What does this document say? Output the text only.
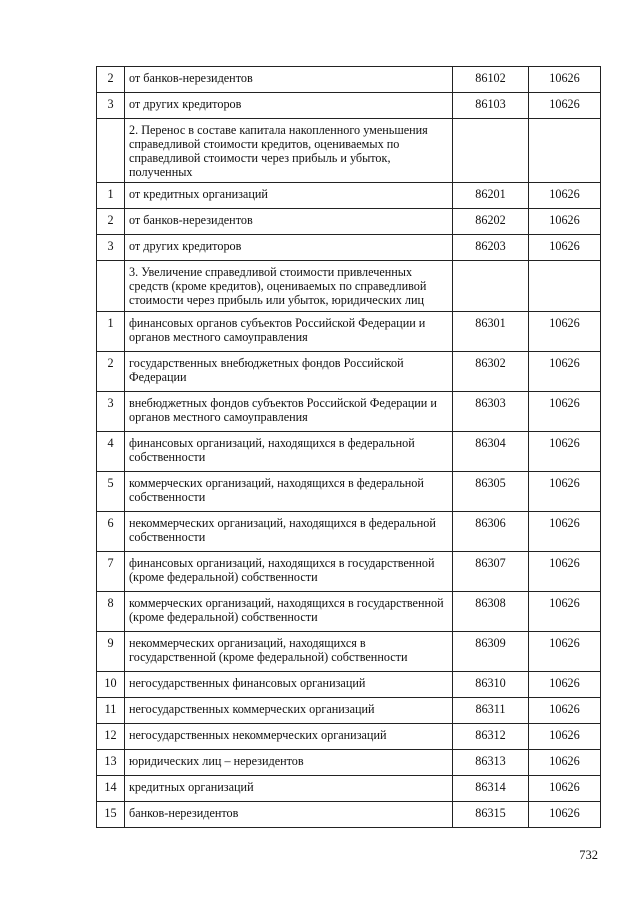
2	от банков-нерезидентов	86102	10626
3	от других кредиторов	86103	10626
	2. Перенос в составе капитала накопленного уменьшения справедливой стоимости кредитов, оцениваемых по справедливой стоимости через прибыль и убыток, полученных		
1	от кредитных организаций	86201	10626
2	от банков-нерезидентов	86202	10626
3	от других кредиторов	86203	10626
	3. Увеличение справедливой стоимости привлеченных средств (кроме кредитов), оцениваемых по справедливой стоимости через прибыль или убыток, юридических лиц		
1	финансовых органов субъектов Российской Федерации и органов местного самоуправления	86301	10626
2	государственных внебюджетных фондов Российской Федерации	86302	10626
3	внебюджетных фондов субъектов Российской Федерации и органов местного самоуправления	86303	10626
4	финансовых организаций, находящихся в федеральной собственности	86304	10626
5	коммерческих организаций, находящихся в федеральной собственности	86305	10626
6	некоммерческих организаций, находящихся в федеральной собственности	86306	10626
7	финансовых организаций, находящихся в государственной (кроме федеральной) собственности	86307	10626
8	коммерческих организаций, находящихся в государственной (кроме федеральной) собственности	86308	10626
9	некоммерческих организаций, находящихся в государственной (кроме федеральной) собственности	86309	10626
10	негосударственных финансовых организаций	86310	10626
11	негосударственных коммерческих организаций	86311	10626
12	негосударственных некоммерческих организаций	86312	10626
13	юридических лиц – нерезидентов	86313	10626
14	кредитных организаций	86314	10626
15	банков-нерезидентов	86315	10626
732
